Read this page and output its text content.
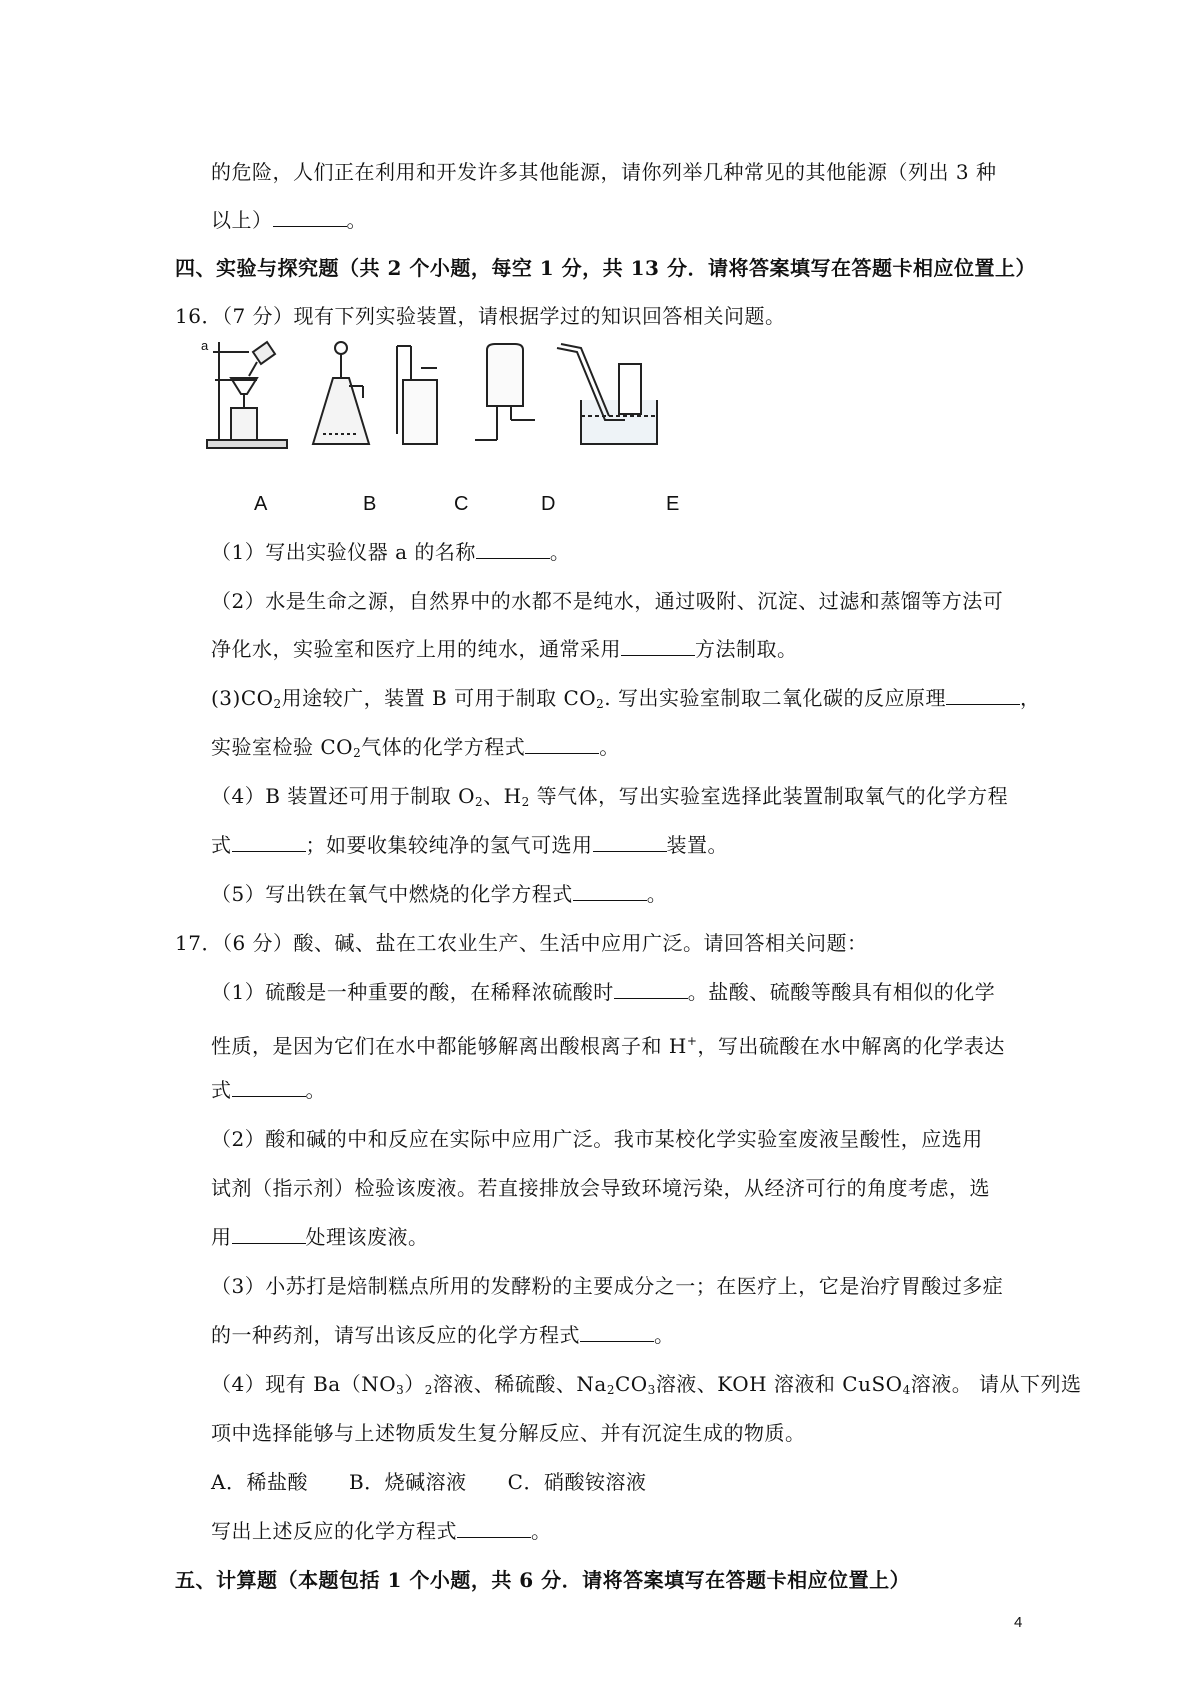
的危险，人们正在利用和开发许多其他能源，请你列举几种常见的其他能源（列出 3 种
以上）	。
四、实验与探究题（共 2 个小题，每空 1 分，共 13 分．请将答案填写在答题卡相应位置上）
16．（7 分）现有下列实验装置，请根据学过的知识回答相关问题。
a
A	B	C	D	E
（1）写出实验仪器 a 的名称	。
（2）水是生命之源，自然界中的水都不是纯水，通过吸附、沉淀、过滤和蒸馏等方法可
净化水，实验室和医疗上用的纯水，通常采用	方法制取。
$(3)CO_2$用途较广，装置 B 可用于制取 $CO_2$. 写出实验室制取二氧化碳的反应原理	，
实验室检验 $CO_2$气体的化学方程式	。
（4）B 装置还可用于制取 $O_2$、$H_2$ 等气体，写出实验室选择此装置制取氧气的化学方程
式	；如要收集较纯净的氢气可选用	装置。
（5）写出铁在氧气中燃烧的化学方程式	。
17．（6 分）酸、碱、盐在工农业生产、生活中应用广泛。请回答相关问题：
（1）硫酸是一种重要的酸，在稀释浓硫酸时	。盐酸、硫酸等酸具有相似的化学
性质，是因为它们在水中都能够解离出酸根离子和 H+，写出硫酸在水中解离的化学表达
式	。
（2）酸和碱的中和反应在实际中应用广泛。我市某校化学实验室废液呈酸性，应选用
试剂（指示剂）检验该废液。若直接排放会导致环境污染，从经济可行的角度考虑，选
用	处理该废液。
（3）小苏打是焙制糕点所用的发酵粉的主要成分之一；在医疗上，它是治疗胃酸过多症
的一种药剂，请写出该反应的化学方程式	。
（4）现有 $Ba(NO_3)_2$溶液、稀硫酸、$Na_2CO_3$溶液、KOH 溶液和 CuSO$_4$溶液。 请从下列选
项中选择能够与上述物质发生复分解反应、并有沉淀生成的物质。
A．稀盐酸　　B．烧碱溶液　　C．硝酸铵溶液
写出上述反应的化学方程式	。
五、计算题（本题包括 1 个小题，共 6 分．请将答案填写在答题卡相应位置上）
4
